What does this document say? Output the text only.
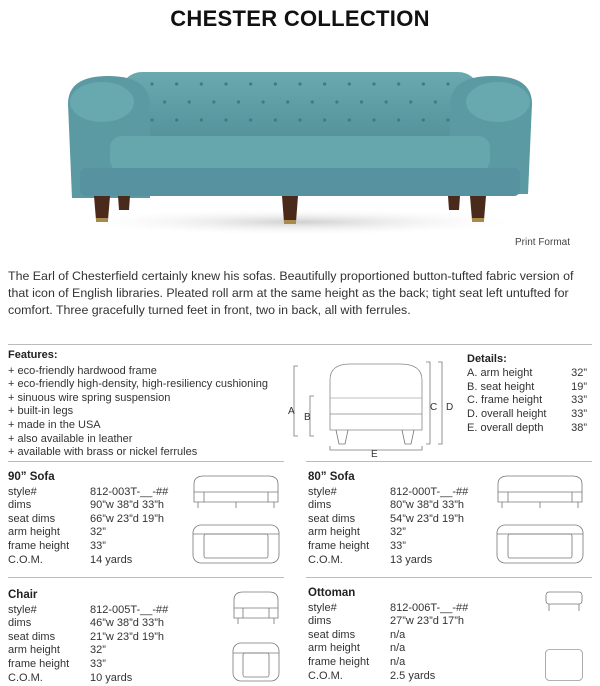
CHESTER COLLECTION
Print Format
The Earl of Chesterfield certainly knew his sofas. Beautifully proportioned button-tufted fabric version of that icon of English libraries. Pleated roll arm at the same height as the back; tight seat left untufted for comfort. Three gracefully turned feet in front, two in back, all with ferrules.
Features:
+ eco-friendly hardwood frame
+ eco-friendly high-density, high-resiliency cushioning
+ sinuous wire spring suspension
+ built-in legs
+ made in the USA
+ also available in leather
+ available with brass or nickel ferrules
A
B
C D
E
Details:
A. arm height	32”
B. seat height	19”
C. frame height	33”
D. overall height 33”
E. overall depth	38”
90” Sofa
style#	812-003T-__-##
dims	90”w 38”d 33”h
seat dims	66”w 23”d 19”h
arm height	32”
frame height	33”
C.O.M.	14 yards
80” Sofa
style#	812-000T-__-##
dims	80”w 38”d 33”h
seat dims	54”w 23”d 19”h
arm height	32”
frame height	33”
C.O.M.	13 yards
Chair
style#	812-005T-__-##
dims	46”w 38”d 33”h
seat dims	21”w 23”d 19”h
arm height	32”
frame height	33”
C.O.M.	10 yards
Ottoman
style#	812-006T-__-##
dims	27”w 23”d 17”h
seat dims	n/a
arm height	n/a
frame height	n/a
C.O.M.	2.5 yards
